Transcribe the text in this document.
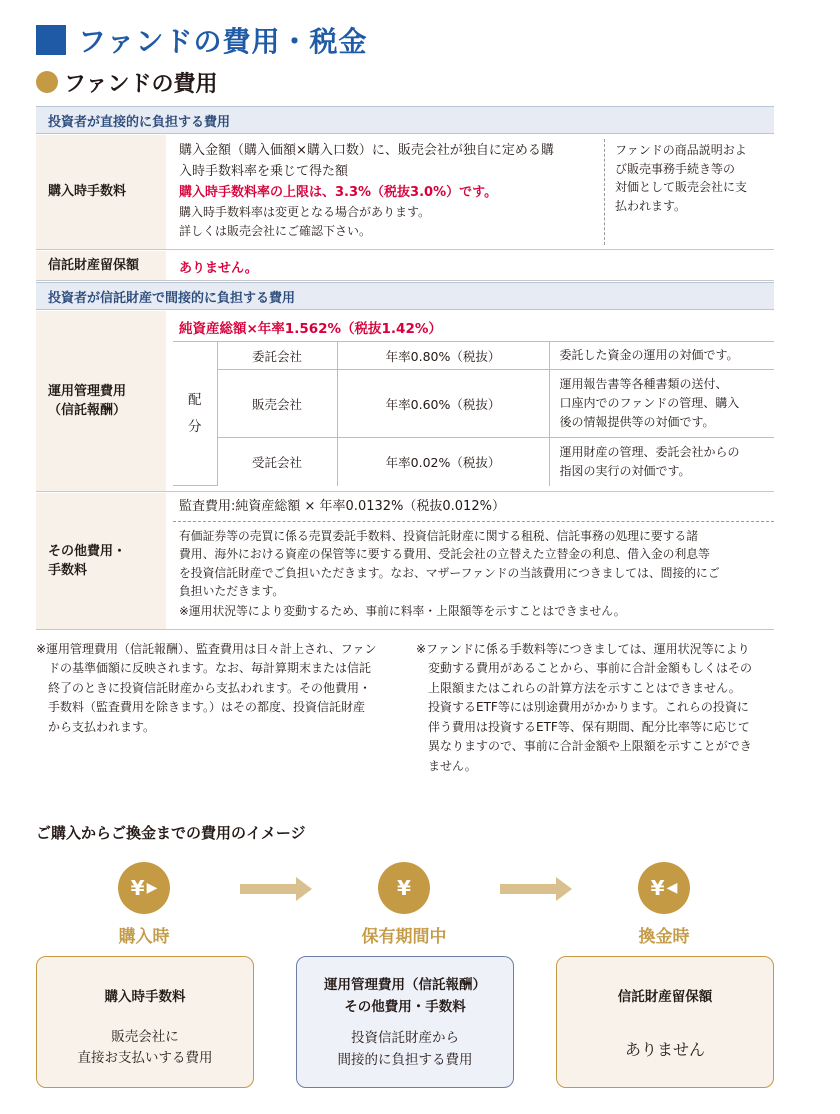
ファンドの費用・税金
ファンドの費用
投資者が直接的に負担する費用
購入時手数料
購入金額（購入価額×購入口数）に、販売会社が独自に定める購
入時手数料率を乗じて得た額
購入時手数料率の上限は、3.3%（税抜3.0%）です。
購入時手数料率は変更となる場合があります。
詳しくは販売会社にご確認下さい。
ファンドの商品説明およ
び販売事務手続き等の
対価として販売会社に支
払われます。
信託財産留保額	ありません。
投資者が信託財産で間接的に負担する費用
運用管理費用
（信託報酬）
純資産総額×年率1.562%（税抜1.42%）
配
分	委託会社	年率0.80%（税抜）	委託した資金の運用の対価です。

	販売会社	年率0.60%（税抜）	運用報告書等各種書類の送付、
口座内でのファンドの管理、購入
後の情報提供等の対価です。

	受託会社	年率0.02%（税抜）	運用財産の管理、委託会社からの
指図の実行の対価です。
その他費用・
手数料
監査費用:純資産総額 × 年率0.0132%（税抜0.012%）
有価証券等の売買に係る売買委託手数料、投資信託財産に関する租税、信託事務の処理に要する諸
費用、海外における資産の保管等に要する費用、受託会社の立替えた立替金の利息、借入金の利息等
を投資信託財産でご負担いただきます。なお、マザーファンドの当該費用につきましては、間接的にご
負担いただきます。
※運用状況等により変動するため、事前に料率・上限額等を示すことはできません。
※運用管理費用（信託報酬）、監査費用は日々計上され、ファン
　ドの基準価額に反映されます。なお、毎計算期末または信託
　終了のときに投資信託財産から支払われます。その他費用・
　手数料（監査費用を除きます。）はその都度、投資信託財産
　から支払われます。
※ファンドに係る手数料等につきましては、運用状況等により
　変動する費用があることから、事前に合計金額もしくはその
　上限額またはこれらの計算方法を示すことはできません。
　投資するETF等には別途費用がかかります。これらの投資に
　伴う費用は投資するETF等、保有期間、配分比率等に応じて
　異なりますので、事前に合計金額や上限額を示すことができ
　ません。
ご購入からご換金までの費用のイメージ
¥ ▶	¥	¥ ◀
購入時	保有期間中	換金時
購入時手数料
販売会社に
直接お支払いする費用
運用管理費用（信託報酬）
その他費用・手数料
投資信託財産から
間接的に負担する費用
信託財産留保額
ありません
